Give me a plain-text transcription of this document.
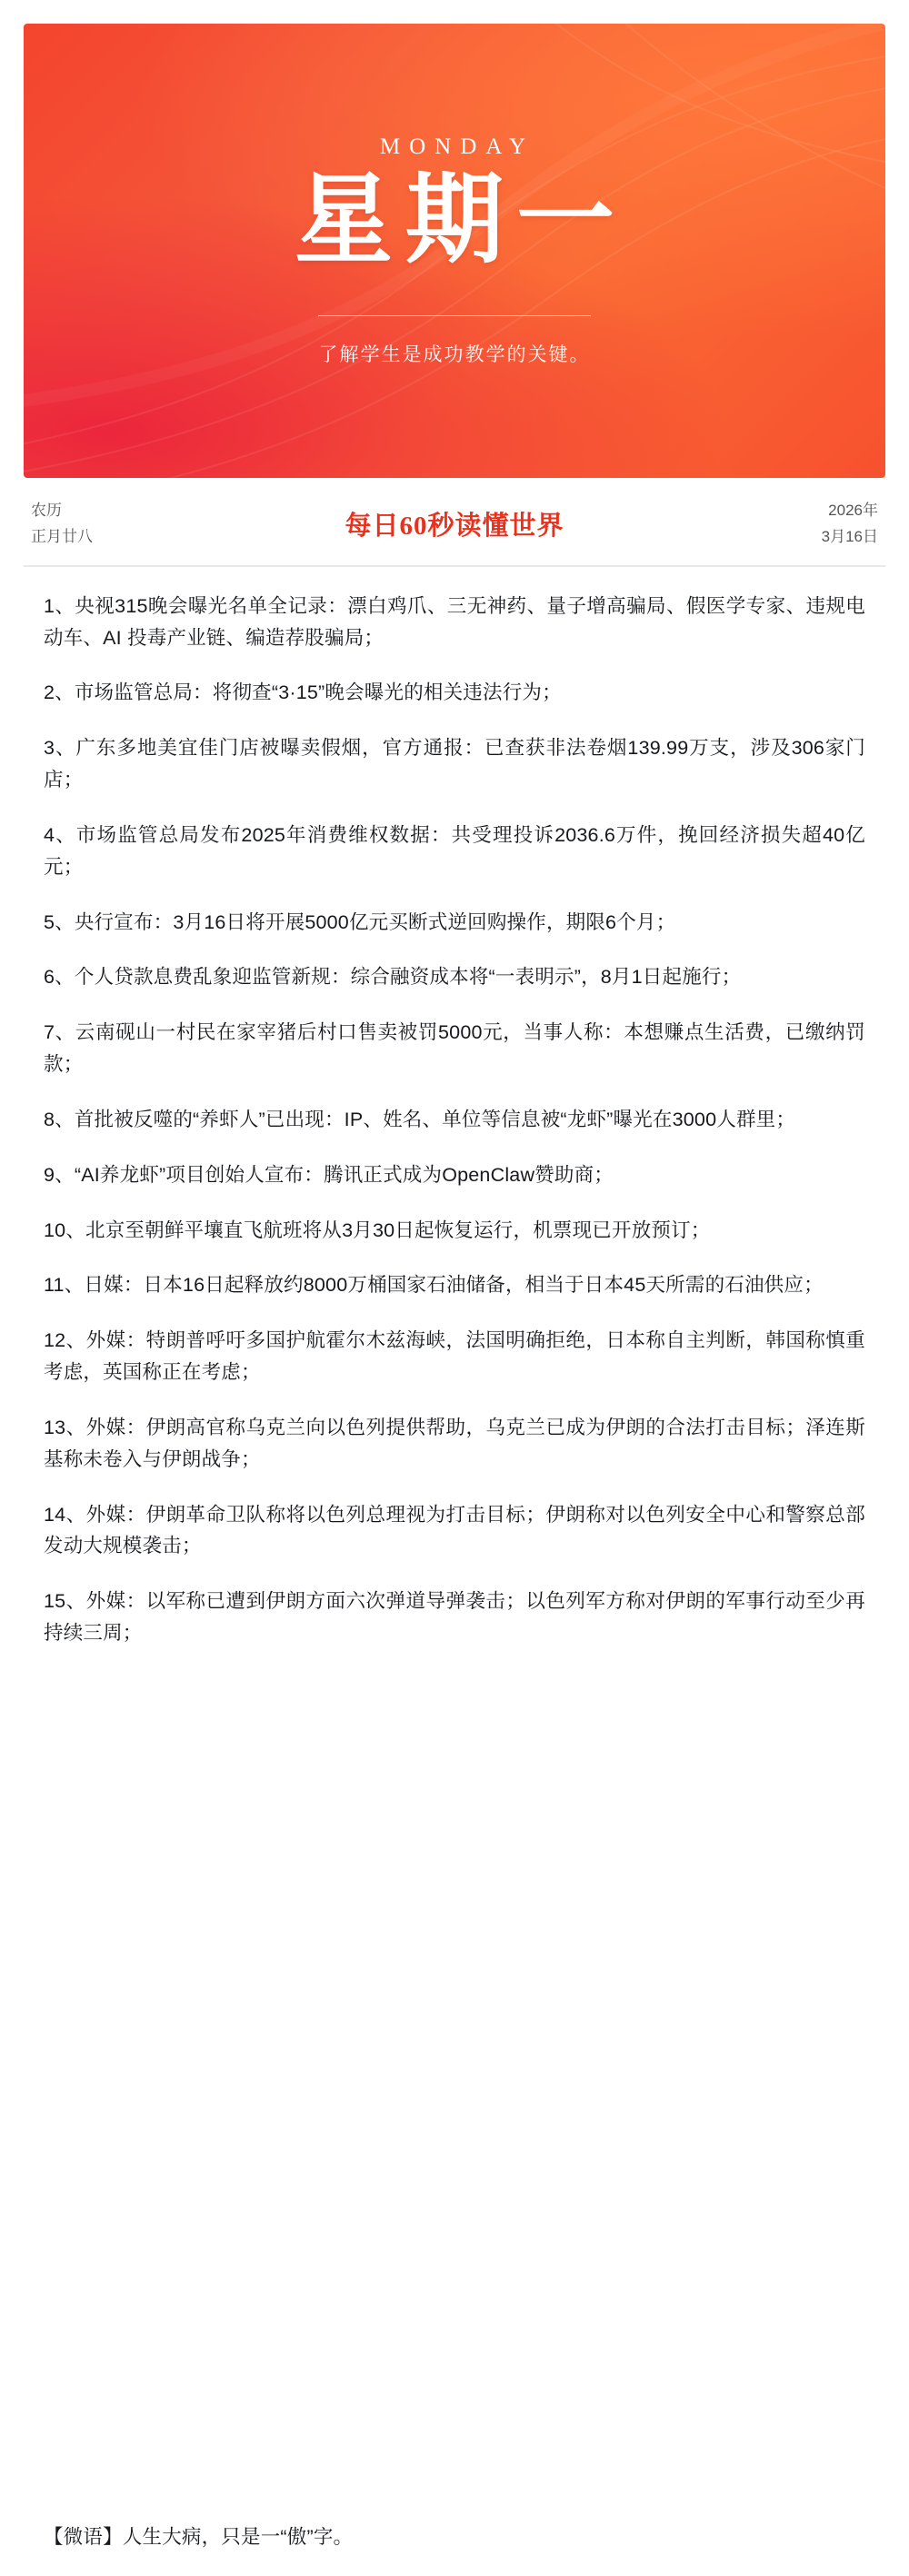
MONDAY
星期一
了解学生是成功教学的关键。
农历
正月廿八	每日60秒读懂世界
2026年
3月16日

1、央视315晚会曝光名单全记录：漂白鸡爪、三无神药、量子增高骗局、假医学专家、违规电动车、AI 投毒产业链、编造荐股骗局；

2、市场监管总局：将彻查“3·15”晚会曝光的相关违法行为；

3、广东多地美宜佳门店被曝卖假烟，官方通报：已查获非法卷烟139.99万支，涉及306家门店；

4、市场监管总局发布2025年消费维权数据：共受理投诉2036.6万件，挽回经济损失超40亿元；

5、央行宣布：3月16日将开展5000亿元买断式逆回购操作，期限6个月；

6、个人贷款息费乱象迎监管新规：综合融资成本将“一表明示”，8月1日起施行；

7、云南砚山一村民在家宰猪后村口售卖被罚5000元，当事人称：本想赚点生活费，已缴纳罚款；

8、首批被反噬的“养虾人”已出现：IP、姓名、单位等信息被“龙虾”曝光在3000人群里；

9、“AI养龙虾”项目创始人宣布：腾讯正式成为OpenClaw赞助商；

10、北京至朝鲜平壤直飞航班将从3月30日起恢复运行，机票现已开放预订；

11、日媒：日本16日起释放约8000万桶国家石油储备，相当于日本45天所需的石油供应；

12、外媒：特朗普呼吁多国护航霍尔木兹海峡，法国明确拒绝，日本称自主判断，韩国称慎重考虑，英国称正在考虑；

13、外媒：伊朗高官称乌克兰向以色列提供帮助，乌克兰已成为伊朗的合法打击目标；泽连斯基称未卷入与伊朗战争；

14、外媒：伊朗革命卫队称将以色列总理视为打击目标；伊朗称对以色列安全中心和警察总部发动大规模袭击；

15、外媒：以军称已遭到伊朗方面六次弹道导弹袭击；以色列军方称对伊朗的军事行动至少再持续三周；

【微语】人生大病，只是一“傲”字。
